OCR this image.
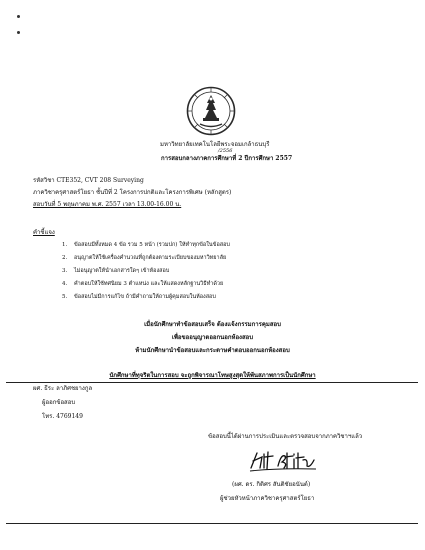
มหาวิทยาลัยเทคโนโลยีพระจอมเกล้าธนบุรี
/2556
การสอบกลางภาคการศึกษาที่ 2 ปีการศึกษา 2557
รหัสวิชา CTE352, CVT 208 Surveying
ภาควิชาครุศาสตร์โยธา ชั้นปีที่ 2 โครงการปกติและโครงการพิเศษ (หลักสูตร)
สอบวันที่ 5 พฤษภาคม พ.ศ. 2557 เวลา 13.00-16.00 น.
คำชี้แจง
1. ข้อสอบมีทั้งหมด 4 ข้อ รวม 5 หน้า (รวมปก) ให้ทำทุกข้อในข้อสอบ
2. อนุญาตให้ใช้เครื่องคำนวณที่ถูกต้องตามระเบียบของมหาวิทยาลัย
3. ไม่อนุญาตให้นำเอกสารใดๆ เข้าห้องสอบ
4. คำตอบให้ใช้ทศนิยม 3 ตำแหน่ง และให้แสดงหลักฐานวิธีทำด้วย
5. ข้อสอบไม่มีการแก้ไข ถ้ามีคำถามให้ถามผู้คุมสอบในห้องสอบ
เมื่อนักศึกษาทำข้อสอบเสร็จ ต้องแจ้งกรรมการคุมสอบ
เพื่อขออนุญาตออกนอกห้องสอบ
ห้ามนักศึกษานำข้อสอบและกระดาษคำตอบออกนอกห้องสอบ
นักศึกษาที่ทุจริตในการสอบ จะถูกพิจารณาโทษสูงสุดให้พ้นสภาพการเป็นนักศึกษา
ผศ. ธีระ ลาภิศชยางกูล
ผู้ออกข้อสอบ
โทร. 4769149
ข้อสอบนี้ได้ผ่านการประเมินและตรวจสอบจากภาควิชาฯแล้ว
(ผศ. ดร. กิติศร สันติชัยอนันต์)
ผู้ช่วยหัวหน้าภาควิชาครุศาสตร์โยธา
